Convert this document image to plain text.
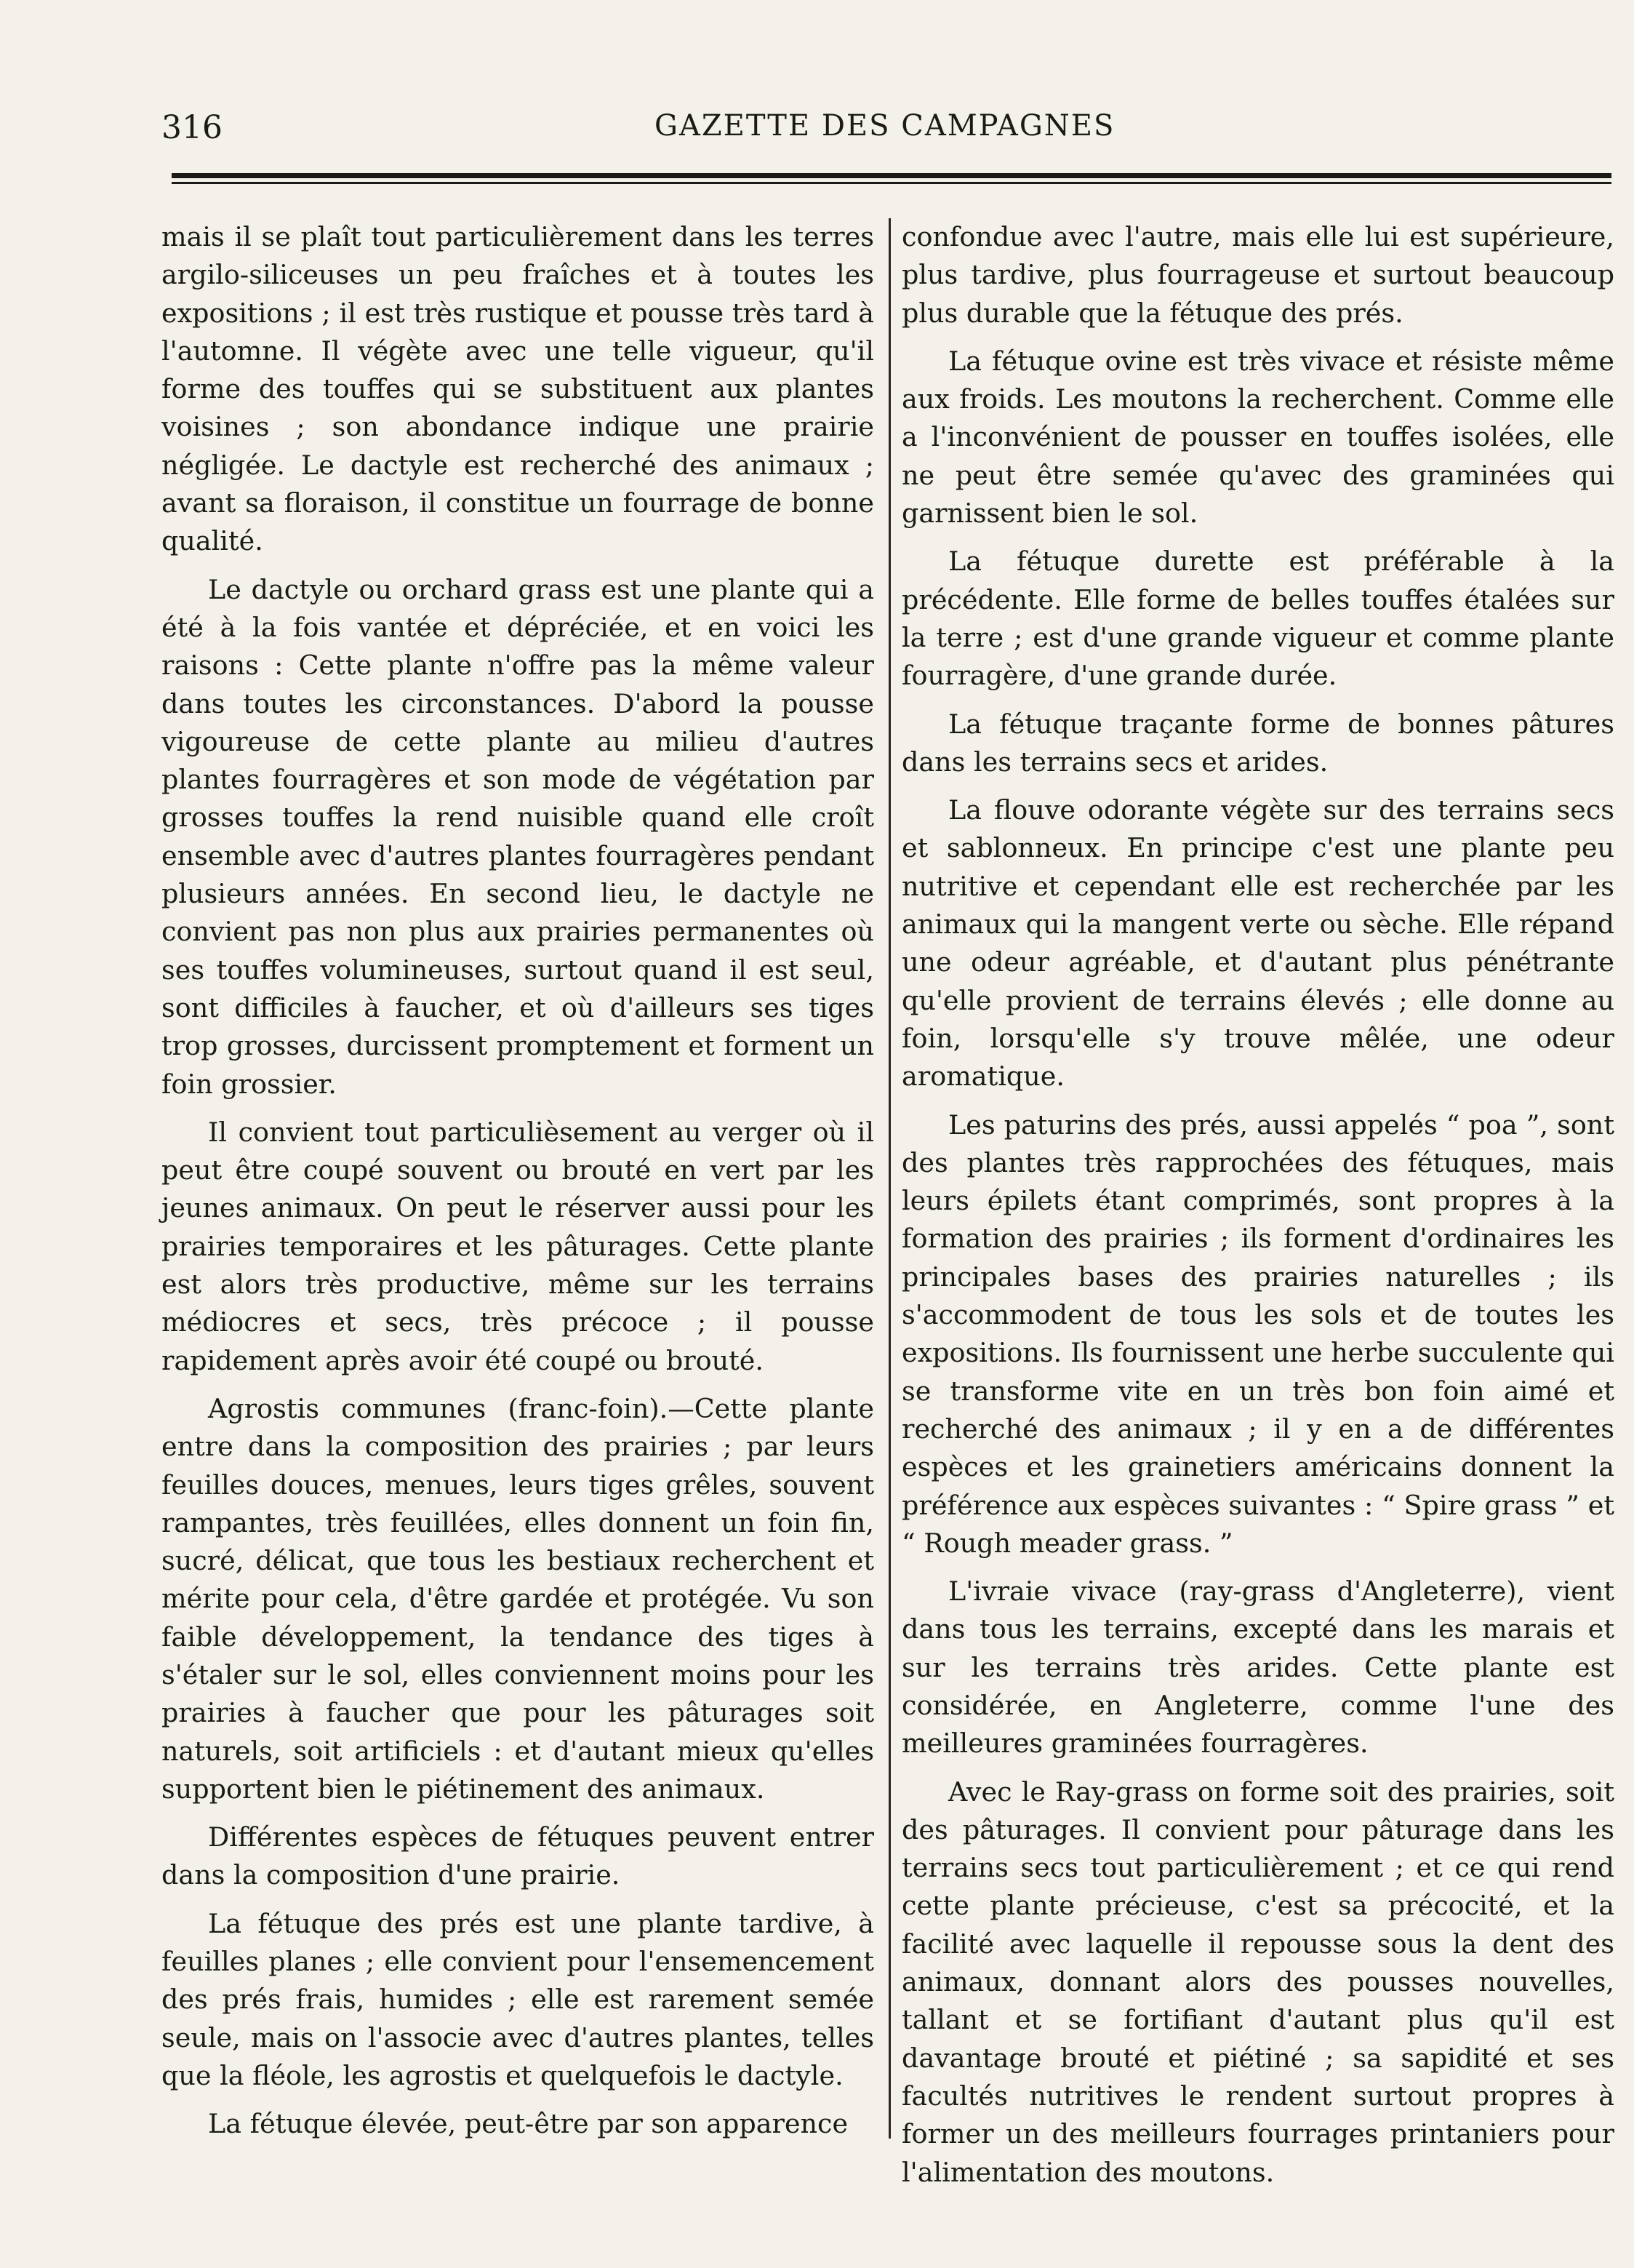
316	GAZETTE DES CAMPAGNES

mais il se plaît tout particulièrement dans les terres argilo-siliceuses un peu fraîches et à toutes les expositions ; il est très rustique et pousse très tard à l'automne. Il végète avec une telle vigueur, qu'il forme des touffes qui se substituent aux plantes voisines ; son abondance indique une prairie négligée. Le dactyle est recherché des animaux ; avant sa floraison, il constitue un fourrage de bonne qualité.

Le dactyle ou orchard grass est une plante qui a été à la fois vantée et dépréciée, et en voici les raisons : Cette plante n'offre pas la même valeur dans toutes les circonstances. D'abord la pousse vigoureuse de cette plante au milieu d'autres plantes fourragères et son mode de végétation par grosses touffes la rend nuisible quand elle croît ensemble avec d'autres plantes fourragères pendant plusieurs années. En second lieu, le dactyle ne convient pas non plus aux prairies permanentes où ses touffes volumineuses, surtout quand il est seul, sont difficiles à faucher, et où d'ailleurs ses tiges trop grosses, durcissent promptement et forment un foin grossier.

Il convient tout particulièsement au verger où il peut être coupé souvent ou brouté en vert par les jeunes animaux. On peut le réserver aussi pour les prairies temporaires et les pâturages. Cette plante est alors très productive, même sur les terrains médiocres et secs, très précoce ; il pousse rapidement après avoir été coupé ou brouté.

Agrostis communes (franc-foin).—Cette plante entre dans la composition des prairies ; par leurs feuilles douces, menues, leurs tiges grêles, souvent rampantes, très feuillées, elles donnent un foin fin, sucré, délicat, que tous les bestiaux recherchent et mérite pour cela, d'être gardée et protégée. Vu son faible développement, la tendance des tiges à s'étaler sur le sol, elles conviennent moins pour les prairies à faucher que pour les pâturages soit naturels, soit artificiels : et d'autant mieux qu'elles supportent bien le piétinement des animaux.

Différentes espèces de fétuques peuvent entrer dans la composition d'une prairie.

La fétuque des prés est une plante tardive, à feuilles planes ; elle convient pour l'ensemencement des prés frais, humides ; elle est rarement semée seule, mais on l'associe avec d'autres plantes, telles que la fléole, les agrostis et quelquefois le dactyle.

La fétuque élevée, peut-être par son apparence

confondue avec l'autre, mais elle lui est supérieure, plus tardive, plus fourrageuse et surtout beaucoup plus durable que la fétuque des prés.

La fétuque ovine est très vivace et résiste même aux froids. Les moutons la recherchent. Comme elle a l'inconvénient de pousser en touffes isolées, elle ne peut être semée qu'avec des graminées qui garnissent bien le sol.

La fétuque durette est préférable à la précédente. Elle forme de belles touffes étalées sur la terre ; est d'une grande vigueur et comme plante fourragère, d'une grande durée.

La fétuque traçante forme de bonnes pâtures dans les terrains secs et arides.

La flouve odorante végète sur des terrains secs et sablonneux. En principe c'est une plante peu nutritive et cependant elle est recherchée par les animaux qui la mangent verte ou sèche. Elle répand une odeur agréable, et d'autant plus pénétrante qu'elle provient de terrains élevés ; elle donne au foin, lorsqu'elle s'y trouve mêlée, une odeur aromatique.

Les paturins des prés, aussi appelés “ poa ”, sont des plantes très rapprochées des fétuques, mais leurs épilets étant comprimés, sont propres à la formation des prairies ; ils forment d'ordinaires les principales bases des prairies naturelles ; ils s'accommodent de tous les sols et de toutes les expositions. Ils fournissent une herbe succulente qui se transforme vite en un très bon foin aimé et recherché des animaux ; il y en a de différentes espèces et les grainetiers américains donnent la préférence aux espèces suivantes : “ Spire grass ” et “ Rough meader grass. ”

L'ivraie vivace (ray-grass d'Angleterre), vient dans tous les terrains, excepté dans les marais et sur les terrains très arides. Cette plante est considérée, en Angleterre, comme l'une des meilleures graminées fourragères.

Avec le Ray-grass on forme soit des prairies, soit des pâturages. Il convient pour pâturage dans les terrains secs tout particulièrement ; et ce qui rend cette plante précieuse, c'est sa précocité, et la facilité avec laquelle il repousse sous la dent des animaux, donnant alors des pousses nouvelles, tallant et se fortifiant d'autant plus qu'il est davantage brouté et piétiné ; sa sapidité et ses facultés nutritives le rendent surtout propres à former un des meilleurs fourrages printaniers pour l'alimentation des moutons.
